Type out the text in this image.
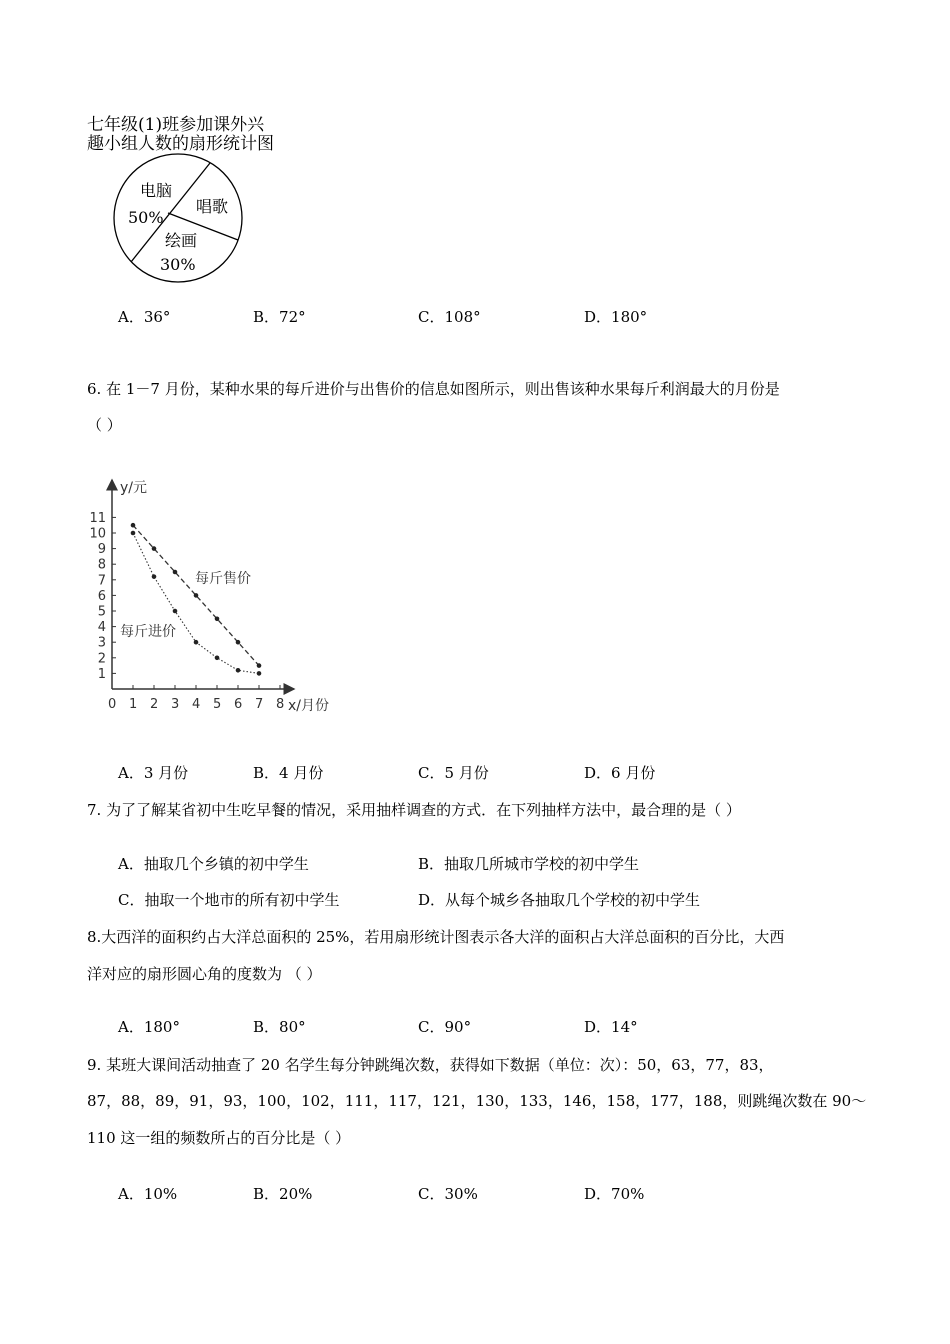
七年级(1)班参加课外兴
趣小组人数的扇形统计图
电脑
50%
唱歌
绘画
30%
A．36°	B．72°	C．108°	D．180°
6. 在 1－7 月份，某种水果的每斤进价与出售价的信息如图所示，则出售该种水果每斤利润最大的月份是
（ ）
y/元
x/月份
0 1 2 3 4 5 6 7 8
1
2
3
4
5
6
7
8
9
10
11
每斤售价
每斤进价
A．3 月份	B．4 月份	C．5 月份	D．6 月份
7. 为了了解某省初中生吃早餐的情况，采用抽样调查的方式．在下列抽样方法中，最合理的是（ ）
A．抽取几个乡镇的初中学生	B．抽取几所城市学校的初中学生
C．抽取一个地市的所有初中学生	D．从每个城乡各抽取几个学校的初中学生
8.大西洋的面积约占大洋总面积的 25%，若用扇形统计图表示各大洋的面积占大洋总面积的百分比，大西
洋对应的扇形圆心角的度数为 （ ）
A．180°	B．80°	C．90°	D．14°
9. 某班大课间活动抽查了 20 名学生每分钟跳绳次数，获得如下数据（单位：次）：50，63，77，83，
87，88，89，91，93，100，102，111，117，121，130，133，146，158，177，188，则跳绳次数在 90～
110 这一组的频数所占的百分比是（ ）
A．10%	B．20%	C．30%	D．70%
